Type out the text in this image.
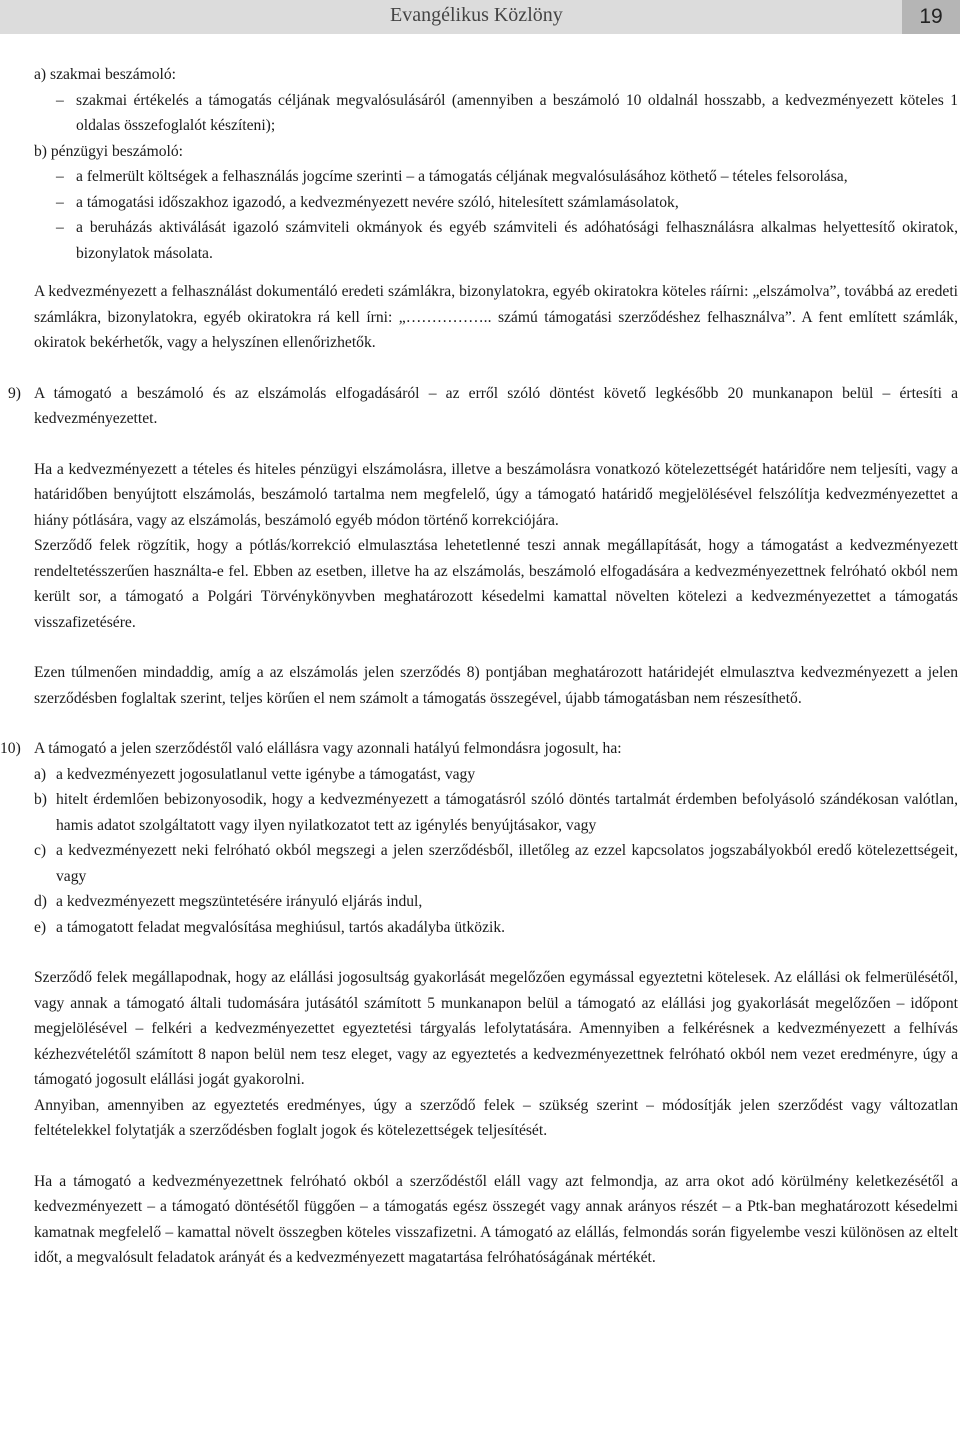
Evangélikus Közlöny	19
a) szakmai beszámoló:
– szakmai értékelés a támogatás céljának megvalósulásáról (amennyiben a beszámoló 10 oldalnál hosszabb, a kedvezményezett köteles 1 oldalas összefoglalót készíteni);
b) pénzügyi beszámoló:
– a felmerült költségek a felhasználás jogcíme szerinti – a támogatás céljának megvalósulásához köthető – tételes felsorolása,
– a támogatási időszakhoz igazodó, a kedvezményezett nevére szóló, hitelesített számlamásolatok,
– a beruházás aktiválását igazoló számviteli okmányok és egyéb számviteli és adóhatósági felhasználásra alkalmas helyettesítő okiratok, bizonylatok másolata.
A kedvezményezett a felhasználást dokumentáló eredeti számlákra, bizonylatokra, egyéb okiratokra köteles ráírni: „elszámolva”, továbbá az eredeti számlákra, bizonylatokra, egyéb okiratokra rá kell írni: „…………….. számú támogatási szerződéshez felhasználva”. A fent említett számlák, okiratok bekérhetők, vagy a helyszínen ellenőrizhetők.
9) A támogató a beszámoló és az elszámolás elfogadásáról – az erről szóló döntést követő legkésőbb 20 munkanapon belül – értesíti a kedvezményezettet.
Ha a kedvezményezett a tételes és hiteles pénzügyi elszámolásra, illetve a beszámolásra vonatkozó kötelezettségét határidőre nem teljesíti, vagy a határidőben benyújtott elszámolás, beszámoló tartalma nem megfelelő, úgy a támogató határidő megjelölésével felszólítja kedvezményezettet a hiány pótlására, vagy az elszámolás, beszámoló egyéb módon történő korrekciójára.
Szerződő felek rögzítik, hogy a pótlás/korrekció elmulasztása lehetetlenné teszi annak megállapítását, hogy a támogatást a kedvezményezett rendeltetésszerűen használta-e fel. Ebben az esetben, illetve ha az elszámolás, beszámoló elfogadására a kedvezményezettnek felróható okból nem került sor, a támogató a Polgári Törvénykönyvben meghatározott késedelmi kamattal növelten kötelezi a kedvezményezettet a támogatás visszafizetésére.
Ezen túlmenően mindaddig, amíg a az elszámolás jelen szerződés 8) pontjában meghatározott határidejét elmulasztva kedvezményezett a jelen szerződésben foglaltak szerint, teljes körűen el nem számolt a támogatás összegével, újabb támogatásban nem részesíthető.
10) A támogató a jelen szerződéstől való elállásra vagy azonnali hatályú felmondásra jogosult, ha:
a) a kedvezményezett jogosulatlanul vette igénybe a támogatást, vagy
b) hitelt érdemlően bebizonyosodik, hogy a kedvezményezett a támogatásról szóló döntés tartalmát érdemben befolyásoló szándékosan valótlan, hamis adatot szolgáltatott vagy ilyen nyilatkozatot tett az igénylés benyújtásakor, vagy
c) a kedvezményezett neki felróható okból megszegi a jelen szerződésből, illetőleg az ezzel kapcsolatos jogszabályokból eredő kötelezettségeit, vagy
d) a kedvezményezett megszüntetésére irányuló eljárás indul,
e) a támogatott feladat megvalósítása meghiúsul, tartós akadályba ütközik.
Szerződő felek megállapodnak, hogy az elállási jogosultság gyakorlását megelőzően egymással egyeztetni kötelesek. Az elállási ok felmerülésétől, vagy annak a támogató általi tudomására jutásától számított 5 munkanapon belül a támogató az elállási jog gyakorlását megelőzően – időpont megjelölésével – felkéri a kedvezményezettet egyeztetési tárgyalás lefolytatására. Amennyiben a felkérésnek a kedvezményezett a felhívás kézhezvételétől számított 8 napon belül nem tesz eleget, vagy az egyeztetés a kedvezményezettnek felróható okból nem vezet eredményre, úgy a támogató jogosult elállási jogát gyakorolni.
Annyiban, amennyiben az egyeztetés eredményes, úgy a szerződő felek – szükség szerint – módosítják jelen szerződést vagy változatlan feltételekkel folytatják a szerződésben foglalt jogok és kötelezettségek teljesítését.
Ha a támogató a kedvezményezettnek felróható okból a szerződéstől eláll vagy azt felmondja, az arra okot adó körülmény keletkezésétől a kedvezményezett – a támogató döntésétől függően – a támogatás egész összegét vagy annak arányos részét – a Ptk-ban meghatározott késedelmi kamatnak megfelelő – kamattal növelt összegben köteles visszafizetni. A támogató az elállás, felmondás során figyelembe veszi különösen az eltelt időt, a megvalósult feladatok arányát és a kedvezményezett magatartása felróhatóságának mértékét.
